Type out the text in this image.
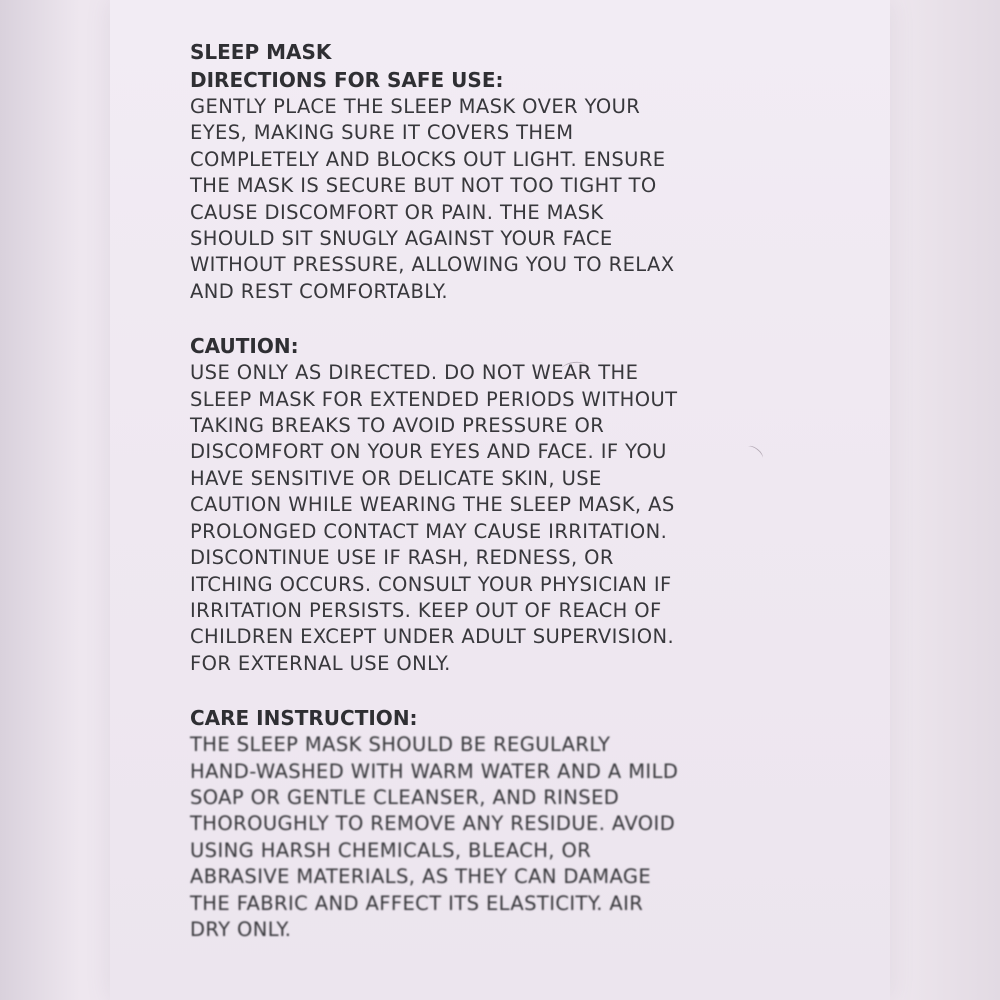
SLEEP MASK

DIRECTIONS FOR SAFE USE:

GENTLY PLACE THE SLEEP MASK OVER YOUR
EYES, MAKING SURE IT COVERS THEM
COMPLETELY AND BLOCKS OUT LIGHT. ENSURE
THE MASK IS SECURE BUT NOT TOO TIGHT TO
CAUSE DISCOMFORT OR PAIN. THE MASK
SHOULD SIT SNUGLY AGAINST YOUR FACE
WITHOUT PRESSURE, ALLOWING YOU TO RELAX
AND REST COMFORTABLY.

CAUTION:

USE ONLY AS DIRECTED. DO NOT WEAR THE
SLEEP MASK FOR EXTENDED PERIODS WITHOUT
TAKING BREAKS TO AVOID PRESSURE OR
DISCOMFORT ON YOUR EYES AND FACE. IF YOU
HAVE SENSITIVE OR DELICATE SKIN, USE
CAUTION WHILE WEARING THE SLEEP MASK, AS
PROLONGED CONTACT MAY CAUSE IRRITATION.
DISCONTINUE USE IF RASH, REDNESS, OR
ITCHING OCCURS. CONSULT YOUR PHYSICIAN IF
IRRITATION PERSISTS. KEEP OUT OF REACH OF
CHILDREN EXCEPT UNDER ADULT SUPERVISION.
FOR EXTERNAL USE ONLY.

CARE INSTRUCTION:

THE SLEEP MASK SHOULD BE REGULARLY
HAND-WASHED WITH WARM WATER AND A MILD
SOAP OR GENTLE CLEANSER, AND RINSED
THOROUGHLY TO REMOVE ANY RESIDUE. AVOID
USING HARSH CHEMICALS, BLEACH, OR
ABRASIVE MATERIALS, AS THEY CAN DAMAGE
THE FABRIC AND AFFECT ITS ELASTICITY. AIR
DRY ONLY.
